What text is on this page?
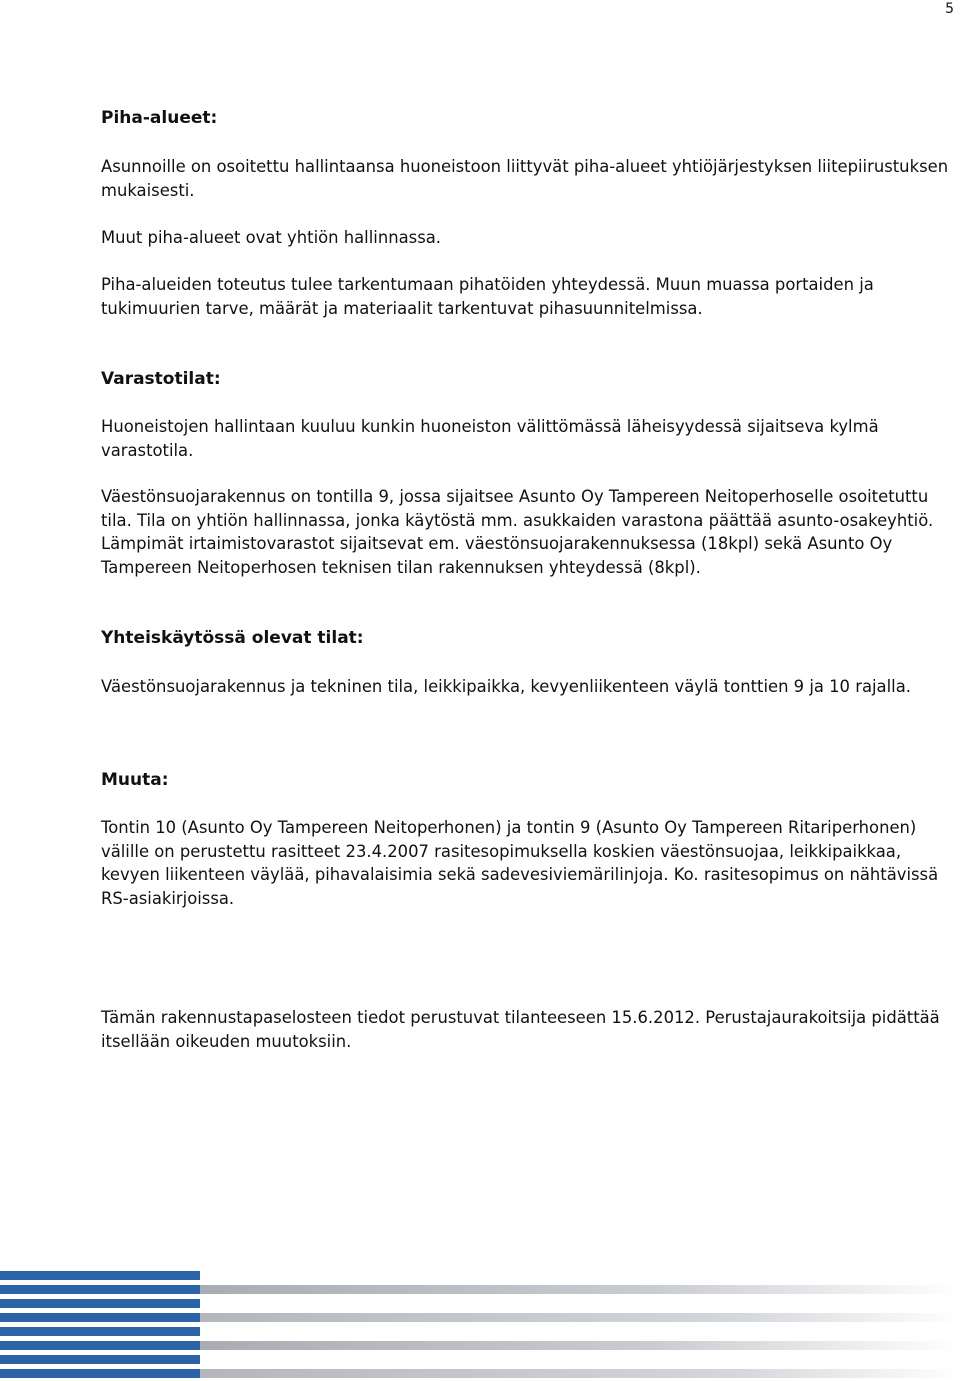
5
Piha-alueet:

Asunnoille on osoitettu hallintaansa huoneistoon liittyvät piha-alueet yhtiöjärjestyksen liitepiirustuksen mukaisesti.

Muut piha-alueet ovat yhtiön hallinnassa.

Piha-alueiden toteutus tulee tarkentumaan pihatöiden yhteydessä. Muun muassa portaiden ja tukimuurien tarve, määrät ja materiaalit tarkentuvat pihasuunnitelmissa.

Varastotilat:

Huoneistojen hallintaan kuuluu kunkin huoneiston välittömässä läheisyydessä sijaitseva kylmä varastotila.

Väestönsuojarakennus on tontilla 9, jossa sijaitsee Asunto Oy Tampereen Neitoperhoselle osoitetuttu tila. Tila on yhtiön hallinnassa, jonka käytöstä mm. asukkaiden varastona päättää asunto-osakeyhtiö. Lämpimät irtaimistovarastot sijaitsevat em. väestönsuojarakennuksessa (18kpl) sekä Asunto Oy Tampereen Neitoperhosen teknisen tilan rakennuksen yhteydessä (8kpl).

Yhteiskäytössä olevat tilat:

Väestönsuojarakennus ja tekninen tila, leikkipaikka, kevyenliikenteen väylä tonttien 9 ja 10 rajalla.

Muuta:

Tontin 10 (Asunto Oy Tampereen Neitoperhonen) ja tontin 9 (Asunto Oy Tampereen Ritariperhonen) välille on perustettu rasitteet 23.4.2007 rasitesopimuksella koskien väestönsuojaa, leikkipaikkaa, kevyen liikenteen väylää, pihavalaisimia sekä sadevesiviemärilinjoja. Ko. rasitesopimus on nähtävissä RS-asiakirjoissa.

Tämän rakennustapaselosteen tiedot perustuvat tilanteeseen 15.6.2012. Perustajaurakoitsija pidättää itsellään oikeuden muutoksiin.
